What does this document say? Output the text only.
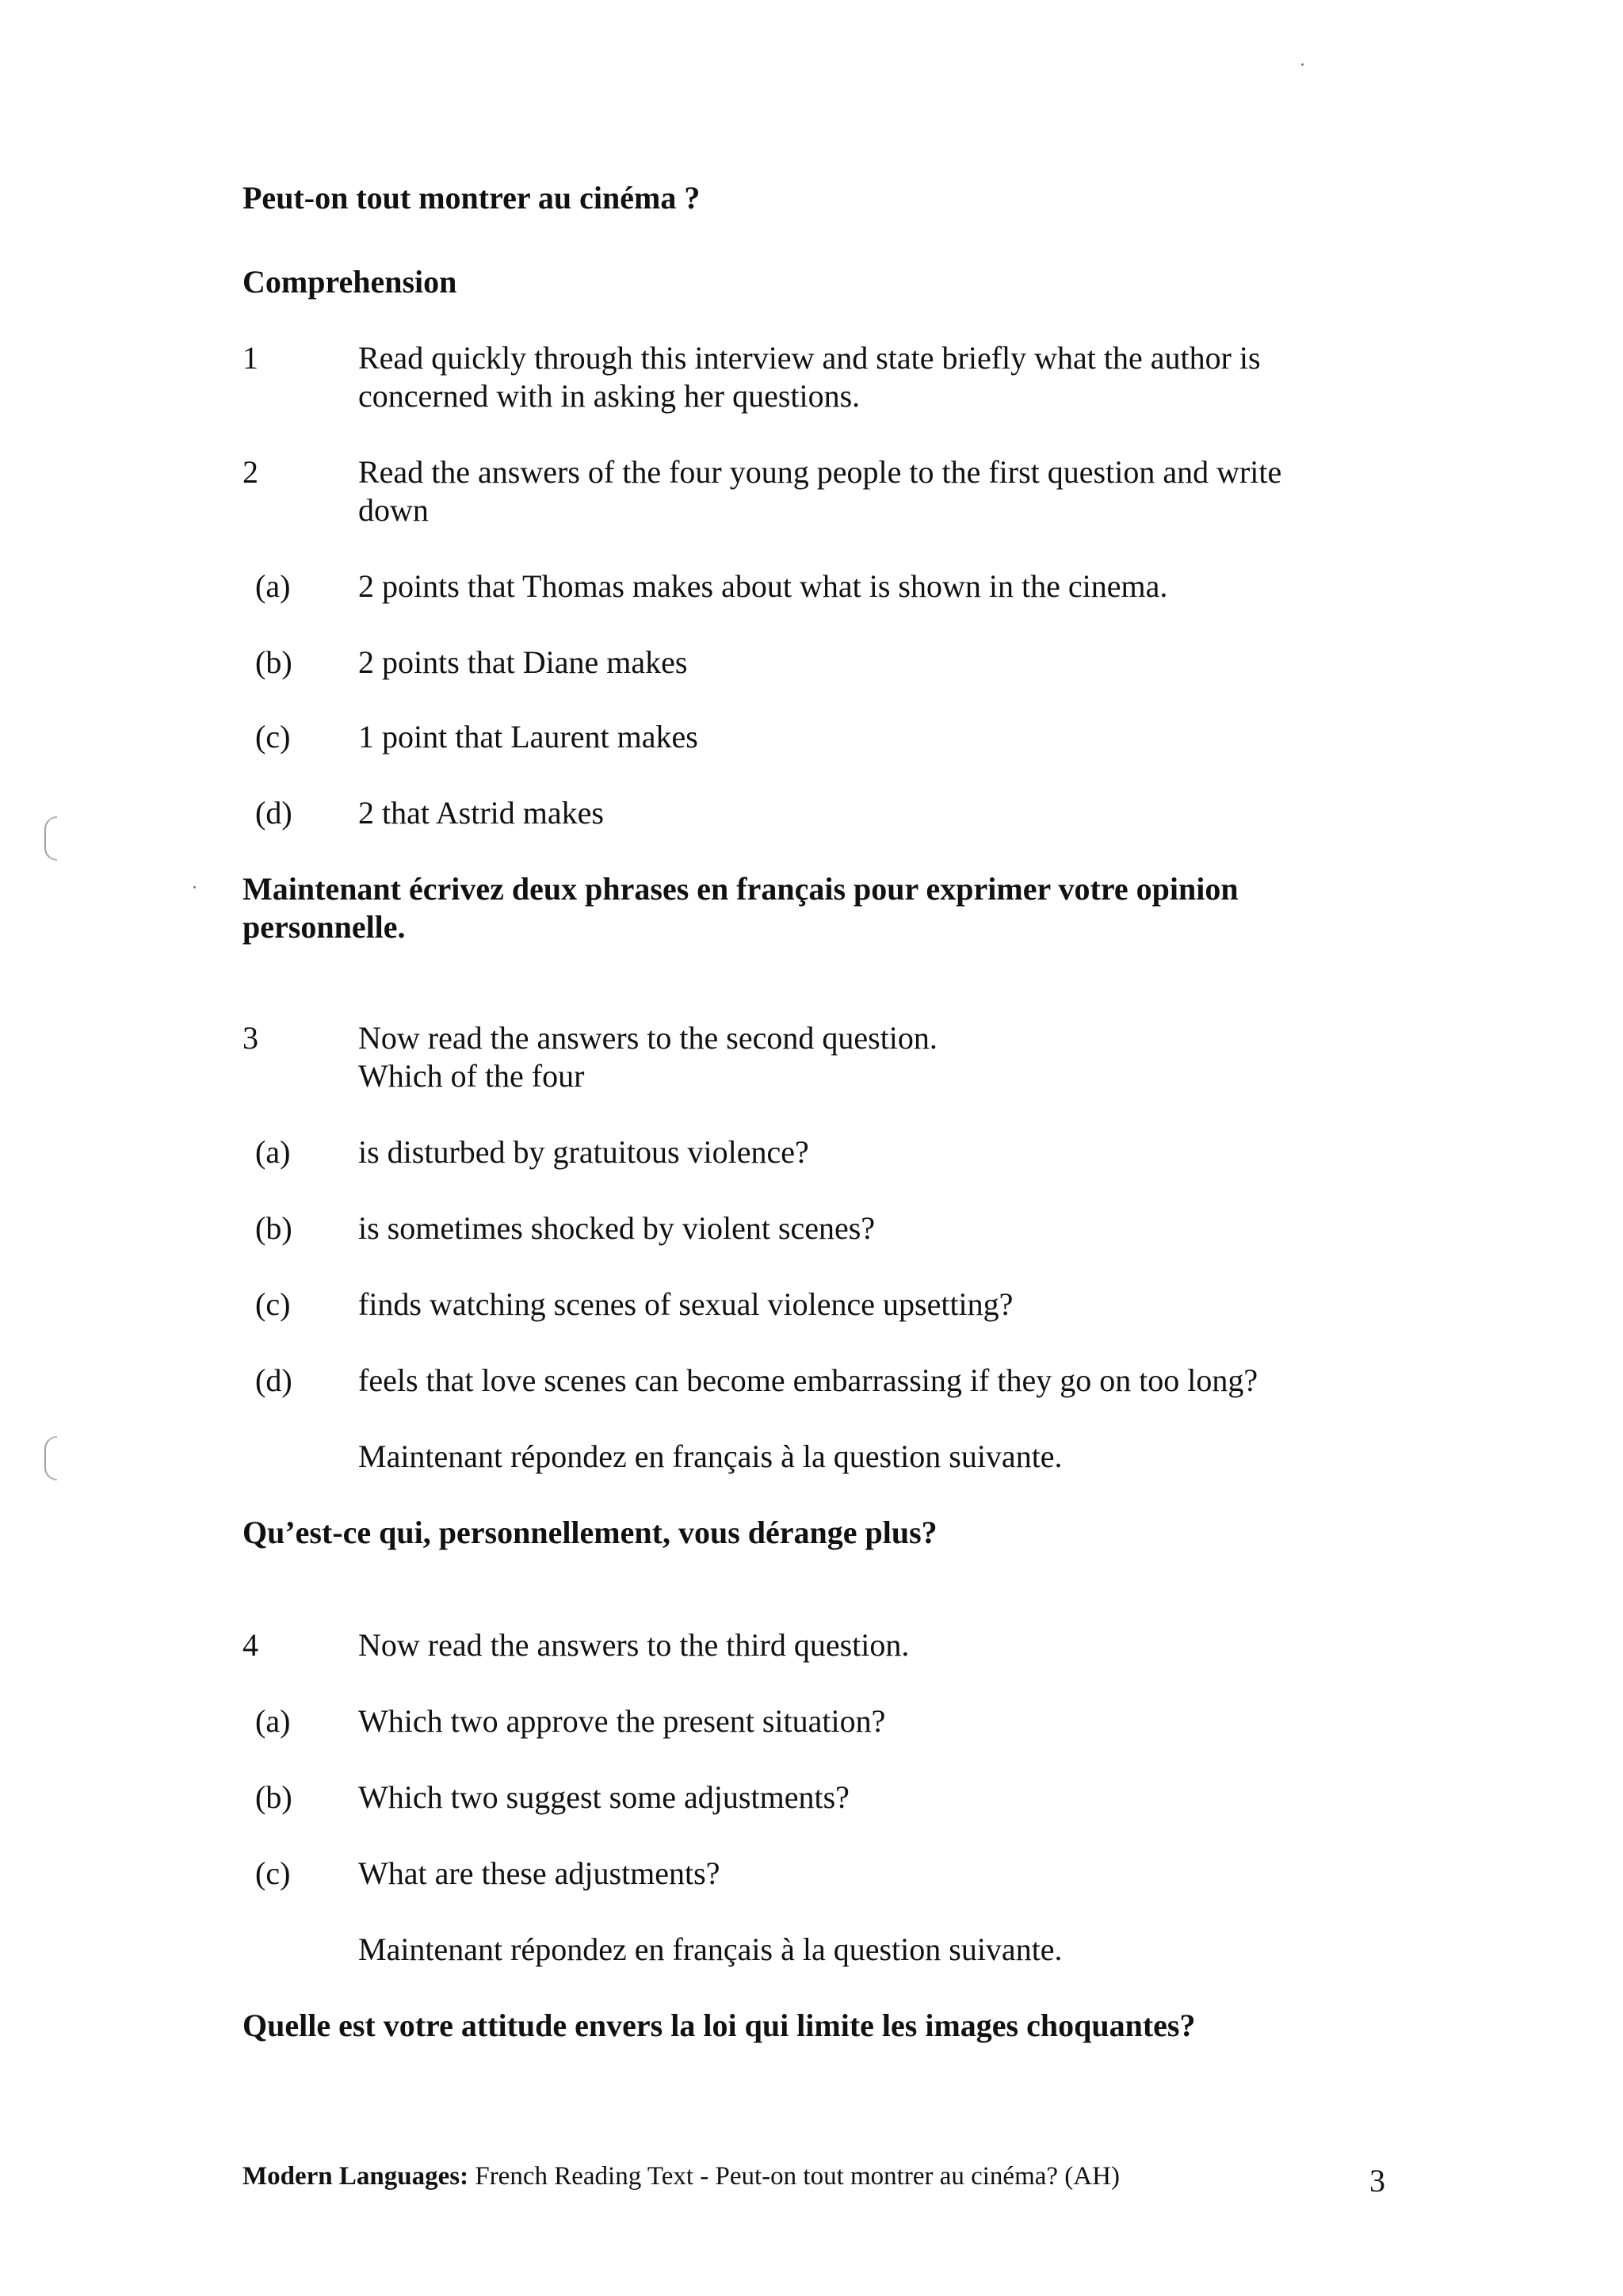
Peut-on tout montrer au cinéma ?
Comprehension
1	Read quickly through this interview and state briefly what the author is concerned with in asking her questions.
2	Read the answers of the four young people to the first question and write down
(a) 2 points that Thomas makes about what is shown in the cinema.
(b) 2 points that Diane makes
(c) 1 point that Laurent makes
(d) 2 that Astrid makes
Maintenant écrivez deux phrases en français pour exprimer votre opinion personnelle.
3	Now read the answers to the second question.
Which of the four
(a) is disturbed by gratuitous violence?
(b) is sometimes shocked by violent scenes?
(c) finds watching scenes of sexual violence upsetting?
(d) feels that love scenes can become embarrassing if they go on too long?
Maintenant répondez en français à la question suivante.
Qu’est-ce qui, personnellement, vous dérange plus?
4	Now read the answers to the third question.
(a) Which two approve the present situation?
(b) Which two suggest some adjustments?
(c) What are these adjustments?
Maintenant répondez en français à la question suivante.
Quelle est votre attitude envers la loi qui limite les images choquantes?
Modern Languages: French Reading Text - Peut-on tout montrer au cinéma? (AH)	3
